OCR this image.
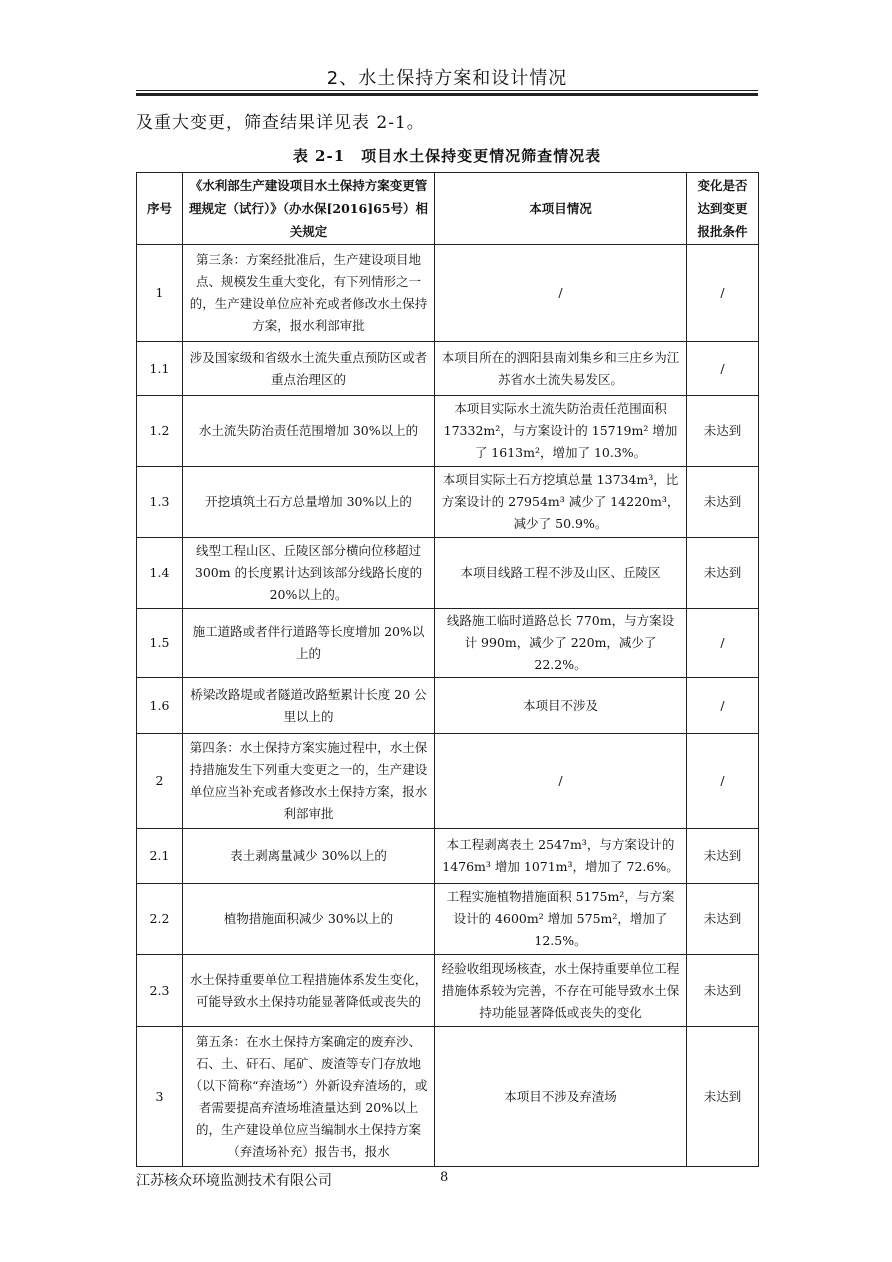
2、水土保持方案和设计情况
及重大变更，筛查结果详见表 2-1。
表 2-1　项目水土保持变更情况筛查情况表
序号	《水利部生产建设项目水土保持方案变更管理规定（试行）》（办水保[2016]65号）相关规定	本项目情况	变化是否达到变更报批条件
1	第三条：方案经批准后，生产建设项目地点、规模发生重大变化，有下列情形之一的，生产建设单位应补充或者修改水土保持方案，报水利部审批	/	/
1.1	涉及国家级和省级水土流失重点预防区或者重点治理区的	本项目所在的泗阳县南刘集乡和三庄乡为江苏省水土流失易发区。	/
1.2	水土流失防治责任范围增加 30%以上的	本项目实际水土流失防治责任范围面积 17332m²，与方案设计的 15719m² 增加了 1613m²，增加了 10.3%。	未达到
1.3	开挖填筑土石方总量增加 30%以上的	本项目实际土石方挖填总量 13734m³，比方案设计的 27954m³ 减少了 14220m³，减少了 50.9%。	未达到
1.4	线型工程山区、丘陵区部分横向位移超过 300m 的长度累计达到该部分线路长度的 20%以上的。	本项目线路工程不涉及山区、丘陵区	未达到
1.5	施工道路或者伴行道路等长度增加 20%以上的	线路施工临时道路总长 770m，与方案设计 990m，减少了 220m，减少了 22.2%。	/
1.6	桥梁改路堤或者隧道改路堑累计长度 20 公里以上的	本项目不涉及	/
2	第四条：水土保持方案实施过程中，水土保持措施发生下列重大变更之一的，生产建设单位应当补充或者修改水土保持方案，报水利部审批	/	/
2.1	表土剥离量减少 30%以上的	本工程剥离表土 2547m³，与方案设计的 1476m³ 增加 1071m³，增加了 72.6%。	未达到
2.2	植物措施面积减少 30%以上的	工程实施植物措施面积 5175m²，与方案设计的 4600m² 增加 575m²，增加了 12.5%。	未达到
2.3	水土保持重要单位工程措施体系发生变化，可能导致水土保持功能显著降低或丧失的	经验收组现场核查，水土保持重要单位工程措施体系较为完善，不存在可能导致水土保持功能显著降低或丧失的变化	未达到
3	第五条：在水土保持方案确定的废弃沙、石、土、矸石、尾矿、废渣等专门存放地（以下简称“弃渣场”）外新设弃渣场的，或者需要提高弃渣场堆渣量达到 20%以上的，生产建设单位应当编制水土保持方案（弃渣场补充）报告书，报水	本项目不涉及弃渣场	未达到
江苏核众环境监测技术有限公司	8
